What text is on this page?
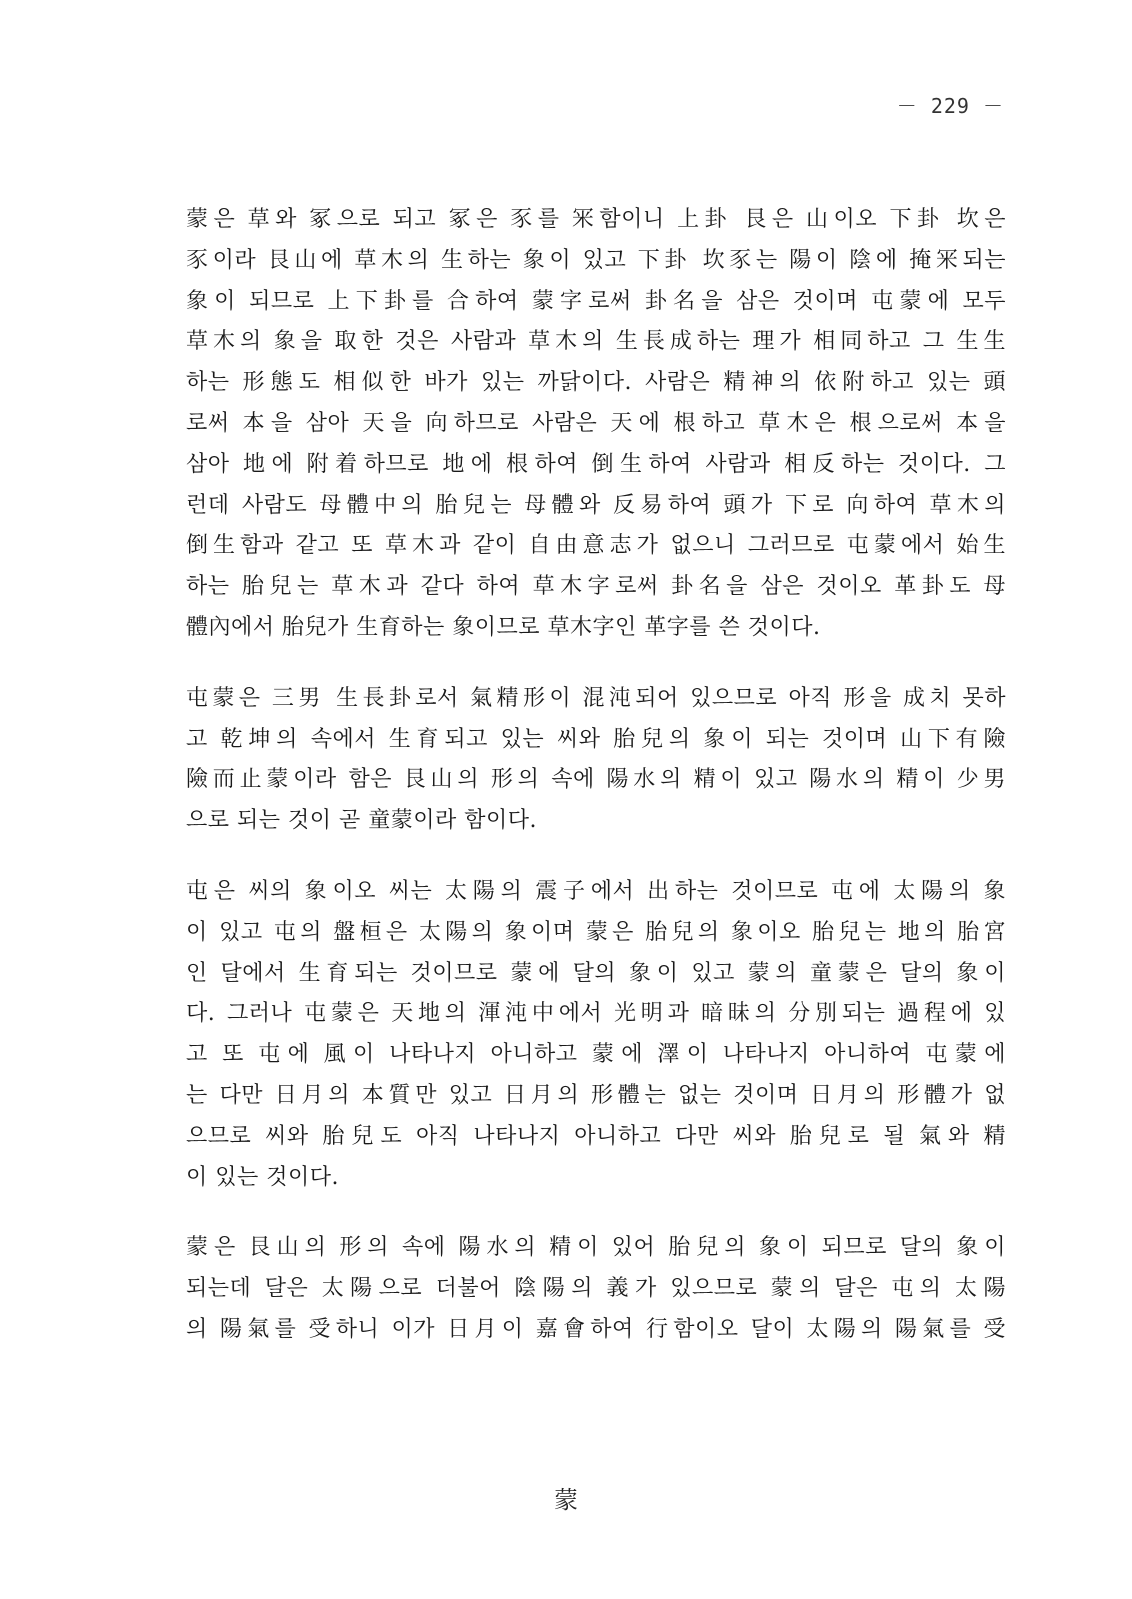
－ 229 －

蒙은 草와 冢으로 되고 冢은 豕를 冞함이니 上卦 艮은 山이오 下卦 坎은
豕이라 艮山에 草木의 生하는 象이 있고 下卦 坎豕는 陽이 陰에 掩冞되는
象이 되므로 上下卦를 合하여 蒙字로써 卦名을 삼은 것이며 屯蒙에 모두
草木의 象을 取한 것은 사람과 草木의 生長成하는 理가 相同하고 그 生生
하는 形態도 相似한 바가 있는 까닭이다. 사람은 精神의 依附하고 있는 頭
로써 本을 삼아 天을 向하므로 사람은 天에 根하고 草木은 根으로써 本을
삼아 地에 附着하므로 地에 根하여 倒生하여 사람과 相反하는 것이다. 그
런데 사람도 母體中의 胎兒는 母體와 反易하여 頭가 下로 向하여 草木의
倒生함과 같고 또 草木과 같이 自由意志가 없으니 그러므로 屯蒙에서 始生
하는 胎兒는 草木과 같다 하여 草木字로써 卦名을 삼은 것이오 革卦도 母
體內에서 胎兒가 生育하는 象이므로 草木字인 革字를 쓴 것이다.

屯蒙은 三男 生長卦로서 氣精形이 混沌되어 있으므로 아직 形을 成치 못하
고 乾坤의 속에서 生育되고 있는 씨와 胎兒의 象이 되는 것이며 山下有險
險而止蒙이라 함은 艮山의 形의 속에 陽水의 精이 있고 陽水의 精이 少男
으로 되는 것이 곧 童蒙이라 함이다.

屯은 씨의 象이오 씨는 太陽의 震子에서 出하는 것이므로 屯에 太陽의 象
이 있고 屯의 盤桓은 太陽의 象이며 蒙은 胎兒의 象이오 胎兒는 地의 胎宮
인 달에서 生育되는 것이므로 蒙에 달의 象이 있고 蒙의 童蒙은 달의 象이
다. 그러나 屯蒙은 天地의 渾沌中에서 光明과 暗昧의 分別되는 過程에 있
고 또 屯에 風이 나타나지 아니하고 蒙에 澤이 나타나지 아니하여 屯蒙에
는 다만 日月의 本質만 있고 日月의 形體는 없는 것이며 日月의 形體가 없
으므로 씨와 胎兒도 아직 나타나지 아니하고 다만 씨와 胎兒로 될 氣와 精
이 있는 것이다.

蒙은 艮山의 形의 속에 陽水의 精이 있어 胎兒의 象이 되므로 달의 象이
되는데 달은 太陽으로 더불어 陰陽의 義가 있으므로 蒙의 달은 屯의 太陽
의 陽氣를 受하니 이가 日月이 嘉會하여 行함이오 달이 太陽의 陽氣를 受

蒙
